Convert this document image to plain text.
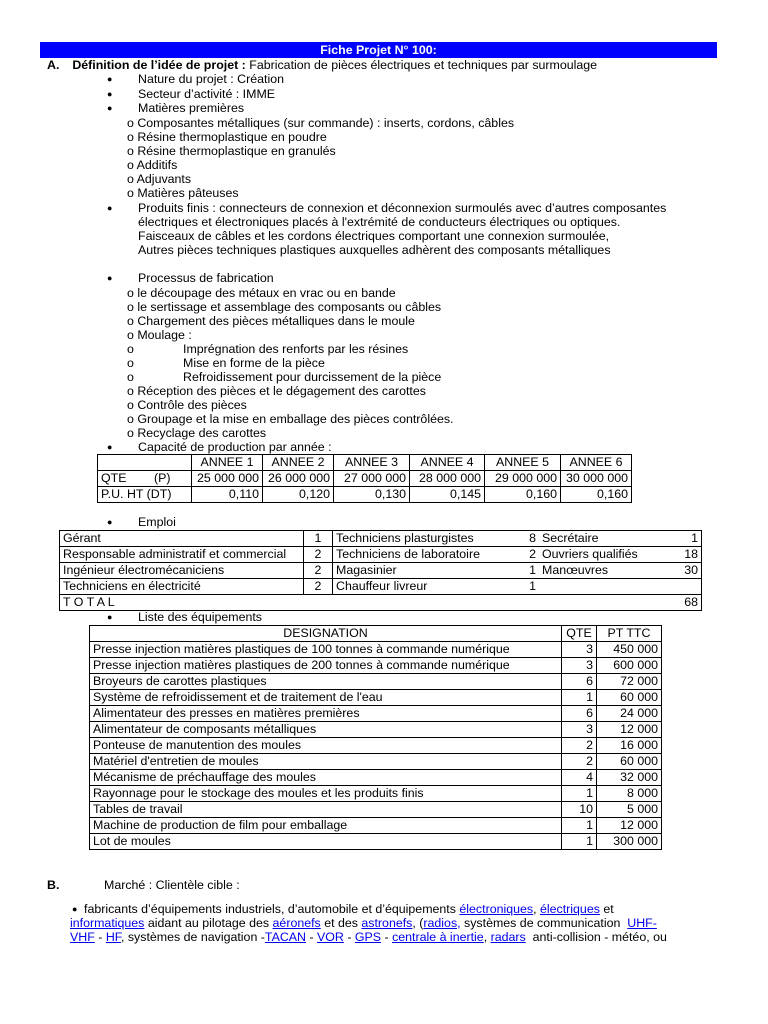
Fiche Projet N° 100:
A. Définition de l’idée de projet : Fabrication de pièces électriques et techniques par surmoulage
● Nature du projet : Création
● Secteur d’activité : IMME
● Matières premières
o Composantes métalliques (sur commande) : inserts, cordons, câbles
o Résine thermoplastique en poudre
o Résine thermoplastique en granulés
o Additifs
o Adjuvants
o Matières pâteuses
● Produits finis : connecteurs de connexion et déconnexion surmoulés avec d’autres composantes
électriques et électroniques placés à l'extrémité de conducteurs électriques ou optiques.
Faisceaux de câbles et les cordons électriques comportant une connexion surmoulée,
Autres pièces techniques plastiques auxquelles adhèrent des composants métalliques
● Processus de fabrication
o le découpage des métaux en vrac ou en bande
o le sertissage et assemblage des composants ou câbles
o Chargement des pièces métalliques dans le moule
o Moulage :
o	Imprégnation des renforts par les résines
o	Mise en forme de la pièce
o	Refroidissement pour durcissement de la pièce
o Réception des pièces et le dégagement des carottes
o Contrôle des pièces
o Groupage et la mise en emballage des pièces contrôlées.
o Recyclage des carottes
● Capacité de production par année :
	ANNEE 1	ANNEE 2	ANNEE 3	ANNEE 4	ANNEE 5	ANNEE 6
QTE        (P)	25 000 000	26 000 000	27 000 000	28 000 000	29 000 000	30 000 000
P.U. HT (DT)	0,110	0,120	0,130	0,145	0,160	0,160
● Emploi
Gérant	1	Techniciens plasturgistes	8	Secrétaire	1
Responsable administratif et commercial	2	Techniciens de laboratoire	2	Ouvriers qualifiés	18
Ingénieur électromécaniciens	2	Magasinier	1	Manœuvres	30
Techniciens en électricité	2	Chauffeur livreur	1		
T O T A L					68
● Liste des équipements
DESIGNATION	QTE	PT TTC
Presse injection matières plastiques de 100 tonnes à commande numérique	3	450 000
Presse injection matières plastiques de 200 tonnes à commande numérique	3	600 000
Broyeurs de carottes plastiques	6	72 000
Système de refroidissement et de traitement de l'eau	1	60 000
Alimentateur des presses en matières premières	6	24 000
Alimentateur de composants métalliques	3	12 000
Ponteuse de manutention des moules	2	16 000
Matériel d'entretien de moules	2	60 000
Mécanisme de préchauffage des moules	4	32 000
Rayonnage pour le stockage des moules et les produits finis	1	8 000
Tables de travail	10	5 000
Machine de production de film pour emballage	1	12 000
Lot de moules	1	300 000
B.	Marché : Clientèle cible :
● fabricants d’équipements industriels, d’automobile et d’équipements électroniques, électriques et
informatiques aidant au pilotage des aéronefs et des astronefs, (radios, systèmes de communication  UHF-
VHF - HF, systèmes de navigation -TACAN - VOR - GPS - centrale à inertie, radars  anti-collision - météo, ou
